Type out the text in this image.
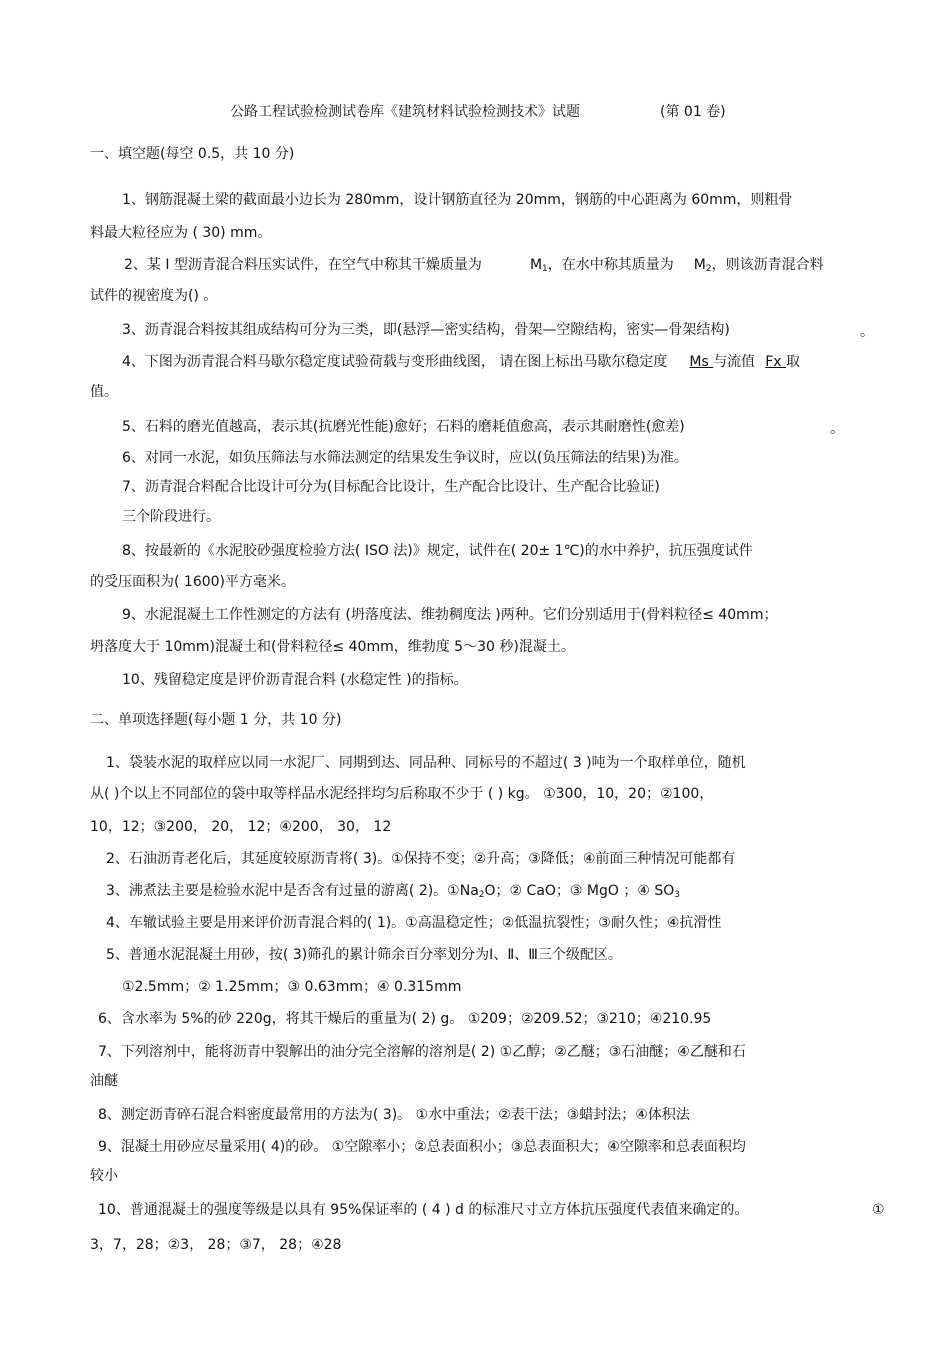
公路工程试验检测试卷库《建筑材料试验检测技术》试题	(第 01 卷)
一、填空题(每空 0.5，共 10 分)
1、钢筋混凝土梁的截面最小边长为 280mm，设计钢筋直径为 20mm，钢筋的中心距离为 60mm，则粗骨
料最大粒径应为 ( 30) mm。
2、某 I 型沥青混合料压实试件，在空气中称其干燥质量为	$M_1$，在水中称其质量为 $M_2$，则该沥青混合料
试件的视密度为() 。
3、沥青混合料按其组成结构可分为三类，即(悬浮—密实结构，骨架—空隙结构，密实—骨架结构)	。
4、下图为沥青混合料马歇尔稳定度试验荷载与变形曲线图， 请在图上标出马歇尔稳定度 Ms 与流值 Fx 取
值。
5、石料的磨光值越高，表示其(抗磨光性能)愈好；石料的磨耗值愈高，表示其耐磨性(愈差)	。
6、对同一水泥，如负压筛法与水筛法测定的结果发生争议时，应以(负压筛法的结果)为准。
7、沥青混合料配合比设计可分为(目标配合比设计，生产配合比设计、生产配合比验证)
三个阶段进行。
8、按最新的《水泥胶砂强度检验方法( ISO 法)》规定，试件在( 20± 1℃)的水中养护，抗压强度试件
的受压面积为( 1600)平方毫米。
9、水泥混凝土工作性测定的方法有 (坍落度法、维勃稠度法 )两种。它们分别适用于(骨料粒径≤ 40mm；
坍落度大于 10mm)混凝土和(骨料粒径≤ 40mm，维勃度 5～30 秒)混凝土。
10、残留稳定度是评价沥青混合料 (水稳定性 )的指标。
二、单项选择题(每小题 1 分，共 10 分)
1、袋装水泥的取样应以同一水泥厂、同期到达、同品种、同标号的不超过( 3 )吨为一个取样单位，随机
从( )个以上不同部位的袋中取等样品水泥经拌均匀后称取不少于 ( ) kg。 ①300，10，20；②100，
10，12；③200， 20， 12；④200， 30， 12
2、石油沥青老化后，其延度较原沥青将( 3)。①保持不变；②升高；③降低；④前面三种情况可能都有
3、沸煮法主要是检验水泥中是否含有过量的游离( 2)。$①Na_2O$；② CaO；③ MgO ；④ $SO_3$
4、车辙试验主要是用来评价沥青混合料的( 1)。①高温稳定性；②低温抗裂性；③耐久性；④抗滑性
5、普通水泥混凝土用砂，按( 3)筛孔的累计筛余百分率划分为Ⅰ、Ⅱ、Ⅲ三个级配区。
①2.5mm；② 1.25mm；③ 0.63mm；④ 0.315mm
6、含水率为 5%的砂 220g，将其干燥后的重量为( 2) g。 ①209；②209.52；③210；④210.95
7、下列溶剂中，能将沥青中裂解出的油分完全溶解的溶剂是( 2) ①乙醇；②乙醚；③石油醚；④乙醚和石
油醚
8、测定沥青碎石混合料密度最常用的方法为( 3)。 ①水中重法；②表干法；③蜡封法；④体积法
9、混凝土用砂应尽量采用( 4)的砂。 ①空隙率小；②总表面积小；③总表面积大；④空隙率和总表面积均
较小
10、普通混凝土的强度等级是以具有 95%保证率的 ( 4 ) d 的标准尺寸立方体抗压强度代表值来确定的。	①
3，7，28；②3， 28；③7， 28；④28
